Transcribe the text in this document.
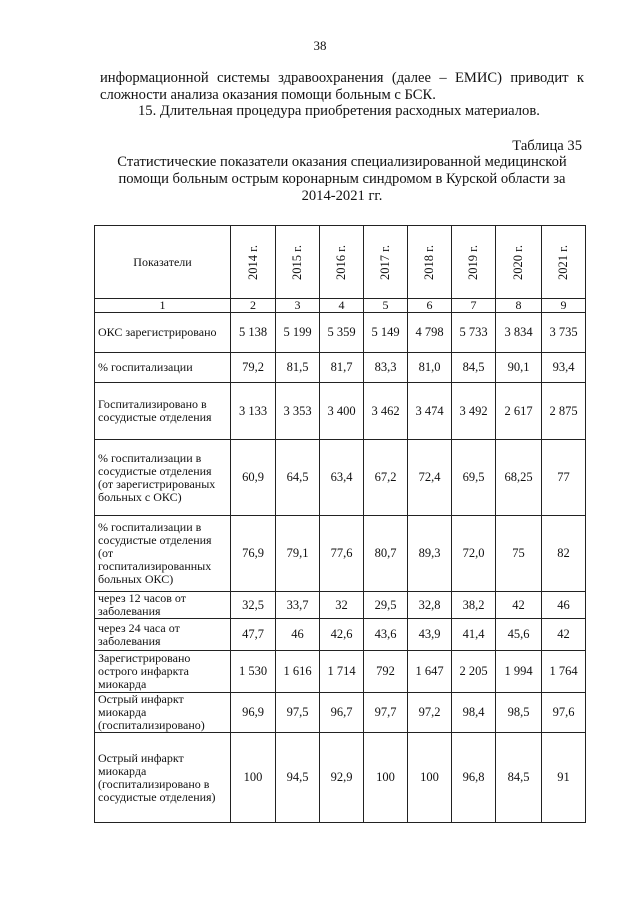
38
информационной системы здравоохранения (далее – ЕМИС) приводит к
сложности анализа оказания помощи больным с БСК.
15. Длительная процедура приобретения расходных материалов.
Таблица 35
Статистические показатели оказания специализированной медицинской помощи больным острым коронарным синдромом в Курской области за 2014-2021 гг.
Показатели	2014 г.	2015 г.	2016 г.	2017 г.	2018 г.	2019 г.	2020 г.	2021 г.
1	2	3	4	5	6	7	8	9
ОКС зарегистрировано	5 138	5 199	5 359	5 149	4 798	5 733	3 834	3 735
% госпитализации	79,2	81,5	81,7	83,3	81,0	84,5	90,1	93,4
Госпитализировано в сосудистые отделения	3 133	3 353	3 400	3 462	3 474	3 492	2 617	2 875
% госпитализации в сосудистые отделения (от зарегистрированых больных с ОКС)	60,9	64,5	63,4	67,2	72,4	69,5	68,25	77
% госпитализации в сосудистые отделения (от госпитализированных больных ОКС)	76,9	79,1	77,6	80,7	89,3	72,0	75	82
через 12 часов от заболевания	32,5	33,7	32	29,5	32,8	38,2	42	46
через 24 часа от заболевания	47,7	46	42,6	43,6	43,9	41,4	45,6	42
Зарегистрировано острого инфаркта миокарда	1 530	1 616	1 714	792	1 647	2 205	1 994	1 764
Острый инфаркт миокарда (госпитализировано)	96,9	97,5	96,7	97,7	97,2	98,4	98,5	97,6
Острый инфаркт миокарда (госпитализировано в сосудистые отделения)	100	94,5	92,9	100	100	96,8	84,5	91
